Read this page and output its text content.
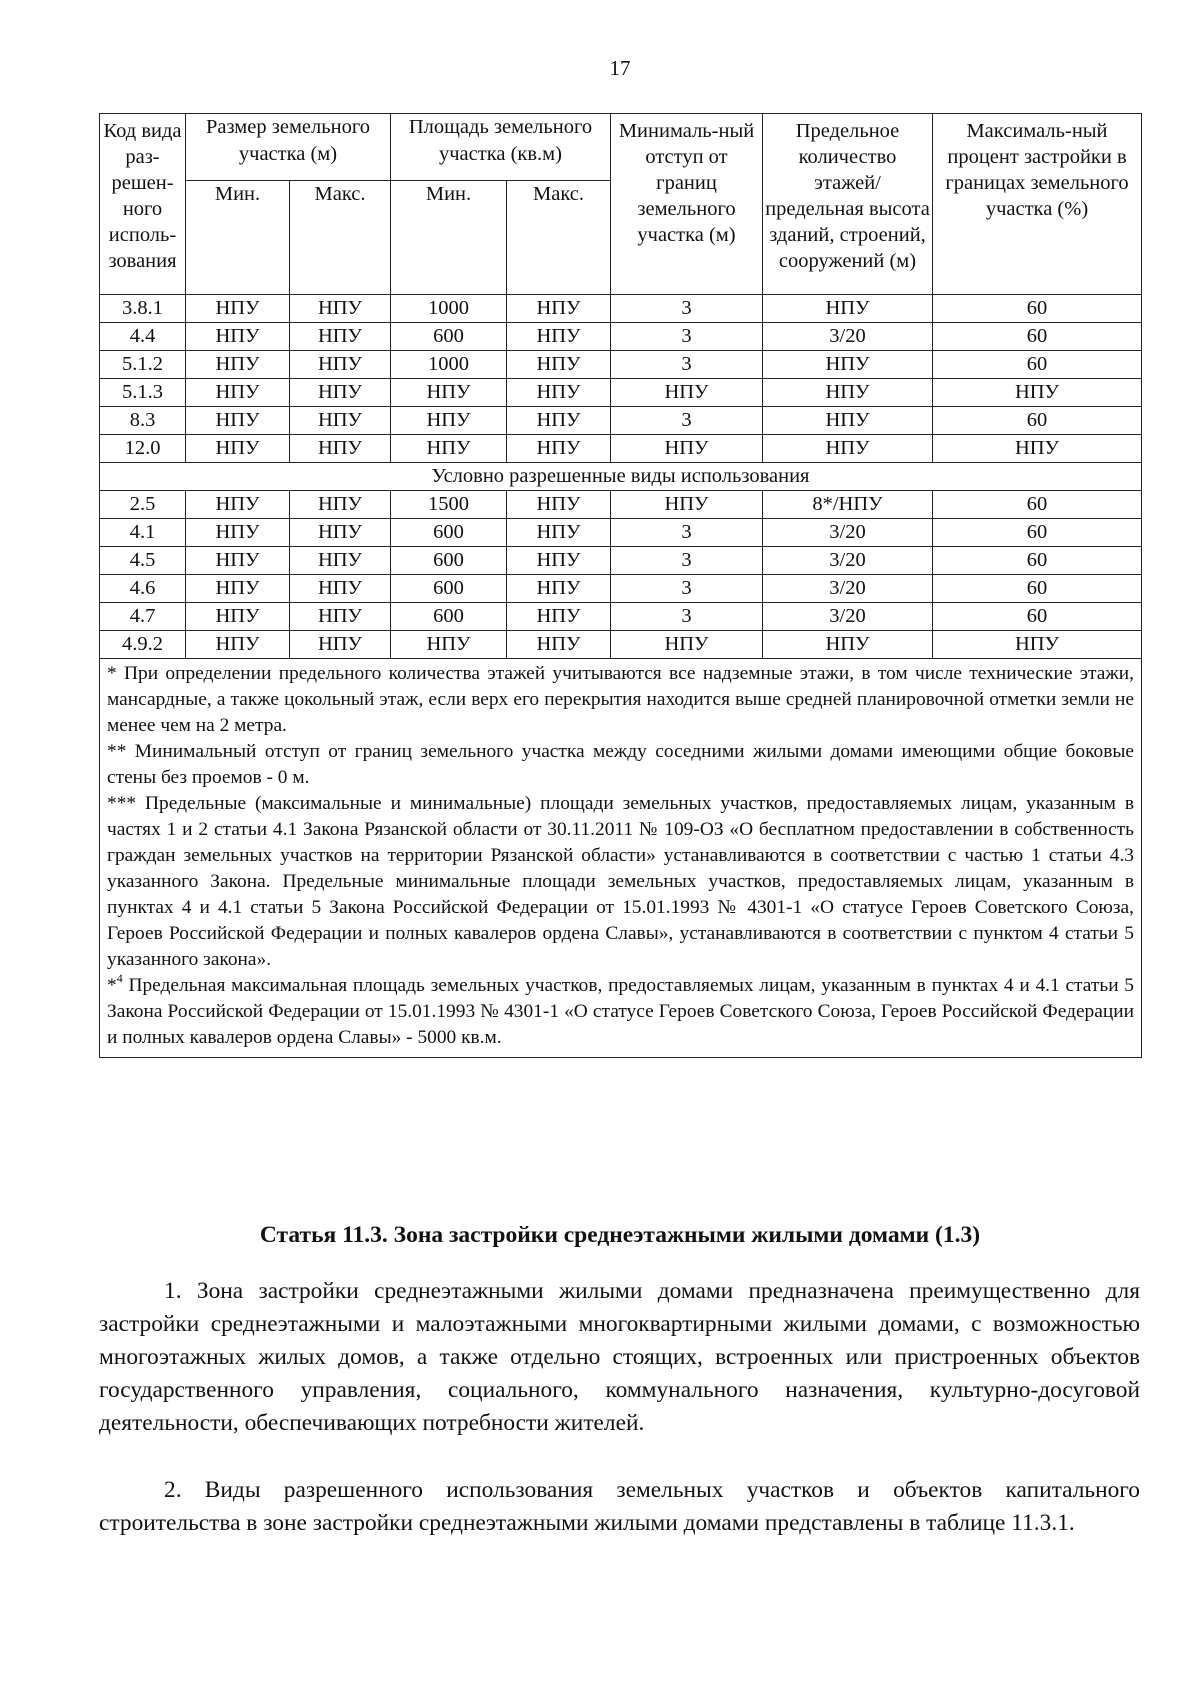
17
Код вида раз-решен-ного исполь-зования	Размер земельного участка (м)		Площадь земельного участка (кв.м)		Минималь-ный отступ от границ земельного участка (м)	Предельное количество этажей/ предельная высота зданий, строений, сооружений (м)	Максималь-ный процент застройки в границах земельного участка (%)
	Мин.	Макс.	Мин.	Макс.			
3.8.1	НПУ	НПУ	1000	НПУ	3	НПУ	60
4.4	НПУ	НПУ	600	НПУ	3	3/20	60
5.1.2	НПУ	НПУ	1000	НПУ	3	НПУ	60
5.1.3	НПУ	НПУ	НПУ	НПУ	НПУ	НПУ	НПУ
8.3	НПУ	НПУ	НПУ	НПУ	3	НПУ	60
12.0	НПУ	НПУ	НПУ	НПУ	НПУ	НПУ	НПУ
Условно разрешенные виды использования							
2.5	НПУ	НПУ	1500	НПУ	НПУ	8*/НПУ	60
4.1	НПУ	НПУ	600	НПУ	3	3/20	60
4.5	НПУ	НПУ	600	НПУ	3	3/20	60
4.6	НПУ	НПУ	600	НПУ	3	3/20	60
4.7	НПУ	НПУ	600	НПУ	3	3/20	60
4.9.2	НПУ	НПУ	НПУ	НПУ	НПУ	НПУ	НПУ

* При определении предельного количества этажей учитываются все надземные этажи, в том числе технические этажи, мансардные, а также цокольный этаж, если верх его перекрытия находится выше средней планировочной отметки земли не менее чем на 2 метра.

** Минимальный отступ от границ земельного участка между соседними жилыми домами имеющими общие боковые стены без проемов - 0 м.

*** Предельные (максимальные и минимальные) площади земельных участков, предоставляемых лицам, указанным в частях 1 и 2 статьи 4.1 Закона Рязанской области от 30.11.2011 № 109-ОЗ «О бесплатном предоставлении в собственность граждан земельных участков на территории Рязанской области» устанавливаются в соответствии с частью 1 статьи 4.3 указанного Закона. Предельные минимальные площади земельных участков, предоставляемых лицам, указанным в пунктах 4 и 4.1 статьи 5 Закона Российской Федерации от 15.01.1993 № 4301-1 «О статусе Героев Советского Союза, Героев Российской Федерации и полных кавалеров ордена Славы», устанавливаются в соответствии с пунктом 4 статьи 5 указанного закона».

*$^4$ Предельная максимальная площадь земельных участков, предоставляемых лицам, указанным в пунктах 4 и 4.1 статьи 5 Закона Российской Федерации от 15.01.1993 № 4301-1 «О статусе Героев Советского Союза, Героев Российской Федерации и полных кавалеров ордена Славы» - 5000 кв.м.							

Статья 11.3. Зона застройки среднеэтажными жилыми домами (1.3)

1. Зона застройки среднеэтажными жилыми домами предназначена преимущественно для застройки среднеэтажными и малоэтажными многоквартирными жилыми домами, с возможностью многоэтажных жилых домов, а также отдельно стоящих, встроенных или пристроенных объектов государственного управления, социального, коммунального назначения, культурно-досуговой деятельности, обеспечивающих потребности жителей.

2. Виды разрешенного использования земельных участков и объектов капитального строительства в зоне застройки среднеэтажными жилыми домами представлены в таблице 11.3.1.
